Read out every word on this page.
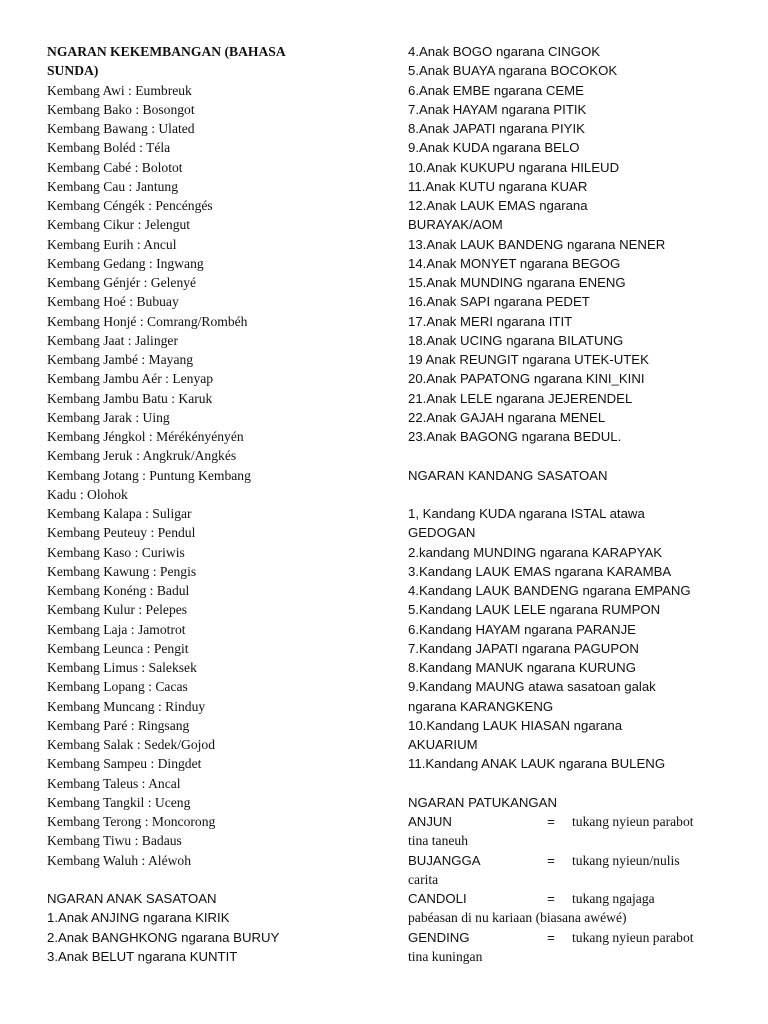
NGARAN KEKEMBANGAN (BAHASA
SUNDA)
Kembang Awi : Eumbreuk
Kembang Bako : Bosongot
Kembang Bawang : Ulated
Kembang Boléd : Téla
Kembang Cabé : Bolotot
Kembang Cau : Jantung
Kembang Céngék : Pencéngés
Kembang Cikur : Jelengut
Kembang Eurih : Ancul
Kembang Gedang : Ingwang
Kembang Génjér : Gelenyé
Kembang Hoé : Bubuay
Kembang Honjé : Comrang/Rombéh
Kembang Jaat : Jalinger
Kembang Jambé : Mayang
Kembang Jambu Aér : Lenyap
Kembang Jambu Batu : Karuk
Kembang Jarak : Uing
Kembang Jéngkol : Mérékényényén
Kembang Jeruk : Angkruk/Angkés
Kembang Jotang : Puntung Kembang
Kadu : Olohok
Kembang Kalapa : Suligar
Kembang Peuteuy : Pendul
Kembang Kaso : Curiwis
Kembang Kawung : Pengis
Kembang Konéng : Badul
Kembang Kulur : Pelepes
Kembang Laja : Jamotrot
Kembang Leunca : Pengit
Kembang Limus : Saleksek
Kembang Lopang : Cacas
Kembang Muncang : Rinduy
Kembang Paré : Ringsang
Kembang Salak : Sedek/Gojod
Kembang Sampeu : Dingdet
Kembang Taleus : Ancal
Kembang Tangkil : Uceng
Kembang Terong : Moncorong
Kembang Tiwu : Badaus
Kembang Waluh : Aléwoh
NGARAN ANAK SASATOAN
1.Anak ANJING ngarana KIRIK
2.Anak BANGHKONG ngarana BURUY
3.Anak BELUT ngarana KUNTIT
4.Anak BOGO ngarana CINGOK
5.Anak BUAYA ngarana BOCOKOK
6.Anak EMBE ngarana CEME
7.Anak HAYAM ngarana PITIK
8.Anak JAPATI ngarana PIYIK
9.Anak KUDA ngarana BELO
10.Anak KUKUPU ngarana HILEUD
11.Anak KUTU ngarana KUAR
12.Anak LAUK EMAS ngarana
BURAYAK/AOM
13.Anak LAUK BANDENG ngarana NENER
14.Anak MONYET ngarana BEGOG
15.Anak MUNDING ngarana ENENG
16.Anak SAPI ngarana PEDET
17.Anak MERI ngarana ITIT
18.Anak UCING ngarana BILATUNG
19 Anak REUNGIT ngarana UTEK-UTEK
20.Anak PAPATONG ngarana KINI_KINI
21.Anak LELE ngarana JEJERENDEL
22.Anak GAJAH ngarana MENEL
23.Anak BAGONG ngarana BEDUL.
NGARAN KANDANG SASATOAN
1, Kandang KUDA ngarana ISTAL atawa
GEDOGAN
2.kandang MUNDING ngarana KARAPYAK
3.Kandang LAUK EMAS ngarana KARAMBA
4.Kandang LAUK BANDENG ngarana EMPANG
5.Kandang LAUK LELE ngarana RUMPON
6.Kandang HAYAM ngarana PARANJE
7.Kandang JAPATI ngarana PAGUPON
8.Kandang MANUK ngarana KURUNG
9.Kandang MAUNG atawa sasatoan galak
ngarana KARANGKENG
10.Kandang LAUK HIASAN ngarana
AKUARIUM
11.Kandang ANAK LAUK ngarana BULENG
NGARAN PATUKANGAN
ANJUN	=	tukang nyieun parabot
tina taneuh
BUJANGGA	=	tukang nyieun/nulis
carita
CANDOLI	=	tukang ngajaga
pabéasan di nu kariaan (biasana awéwé)
GENDING	=	tukang nyieun parabot
tina kuningan
